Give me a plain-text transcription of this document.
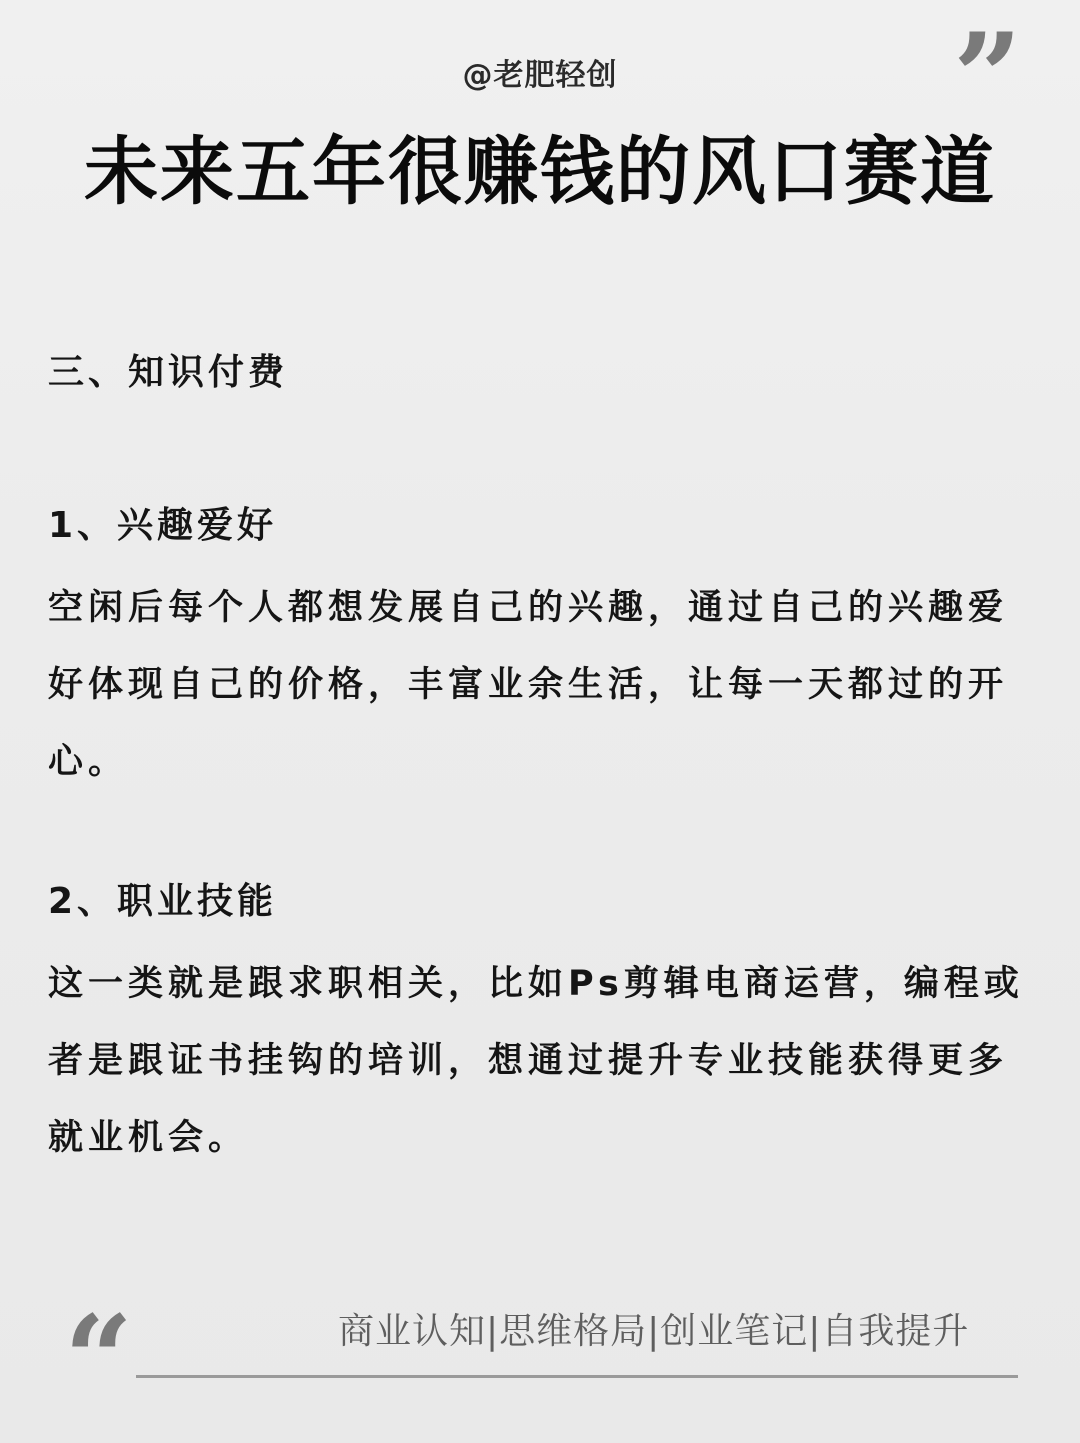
@老肥轻创	”
未来五年很赚钱的风口赛道
三、知识付费
1、兴趣爱好
空闲后每个人都想发展自己的兴趣，通过自己的兴趣爱好体现自己的价格，丰富业余生活，让每一天都过的开心。
2、职业技能
这一类就是跟求职相关，比如Ps剪辑电商运营，编程或者是跟证书挂钩的培训，想通过提升专业技能获得更多就业机会。
“	商业认知|思维格局|创业笔记|自我提升
